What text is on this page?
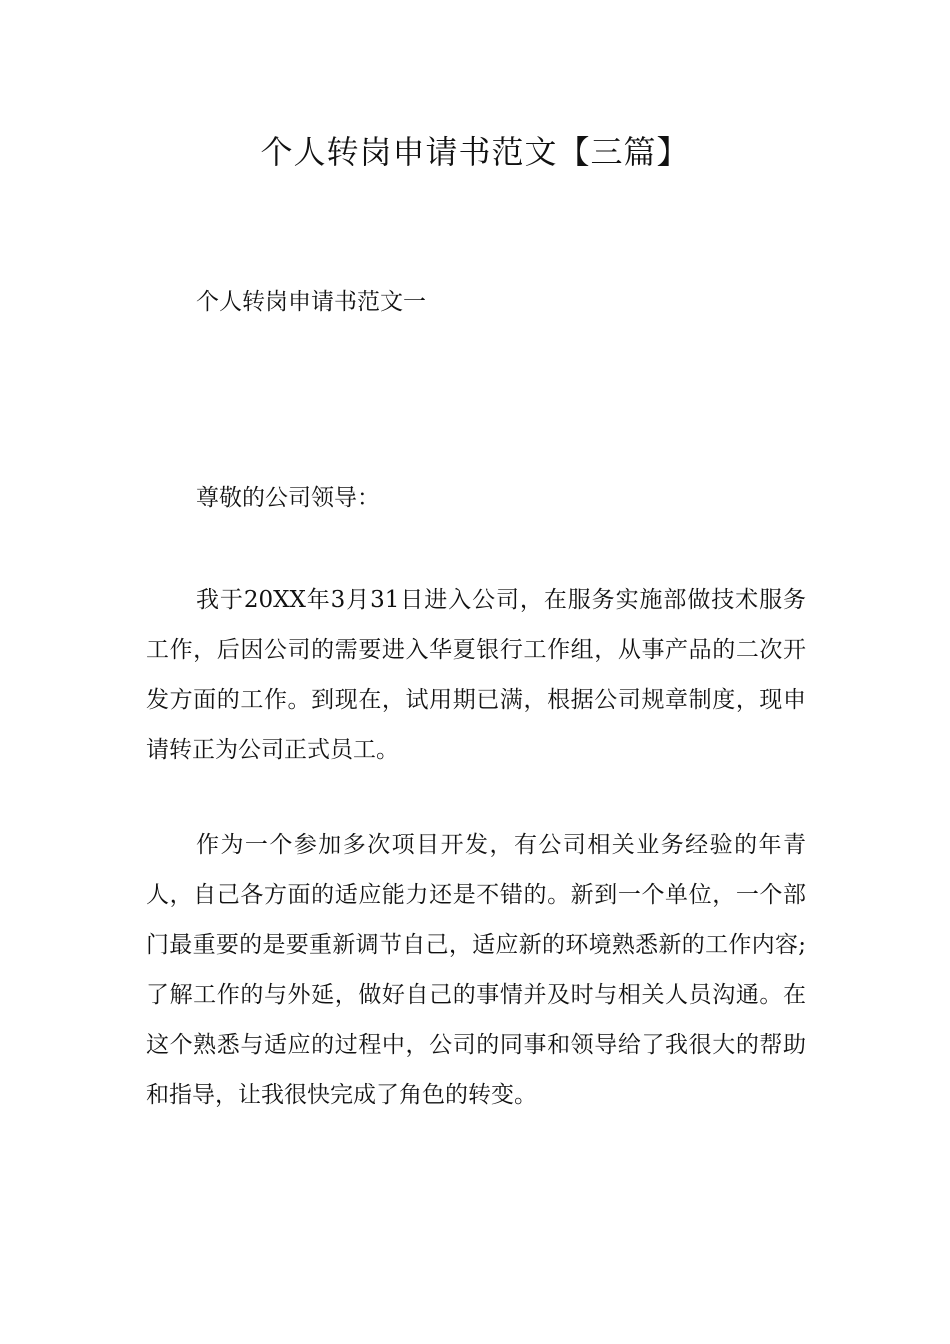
个人转岗申请书范文【三篇】

个人转岗申请书范文一

尊敬的公司领导：

我于20XX年3月31日进入公司，在服务实施部做技术服务工作，后因公司的需要进入华夏银行工作组，从事产品的二次开发方面的工作。到现在，试用期已满，根据公司规章制度，现申请转正为公司正式员工。

作为一个参加多次项目开发，有公司相关业务经验的年青人，自己各方面的适应能力还是不错的。新到一个单位，一个部门最重要的是要重新调节自己，适应新的环境熟悉新的工作内容;了解工作的与外延，做好自己的事情并及时与相关人员沟通。在这个熟悉与适应的过程中，公司的同事和领导给了我很大的帮助和指导，让我很快完成了角色的转变。
